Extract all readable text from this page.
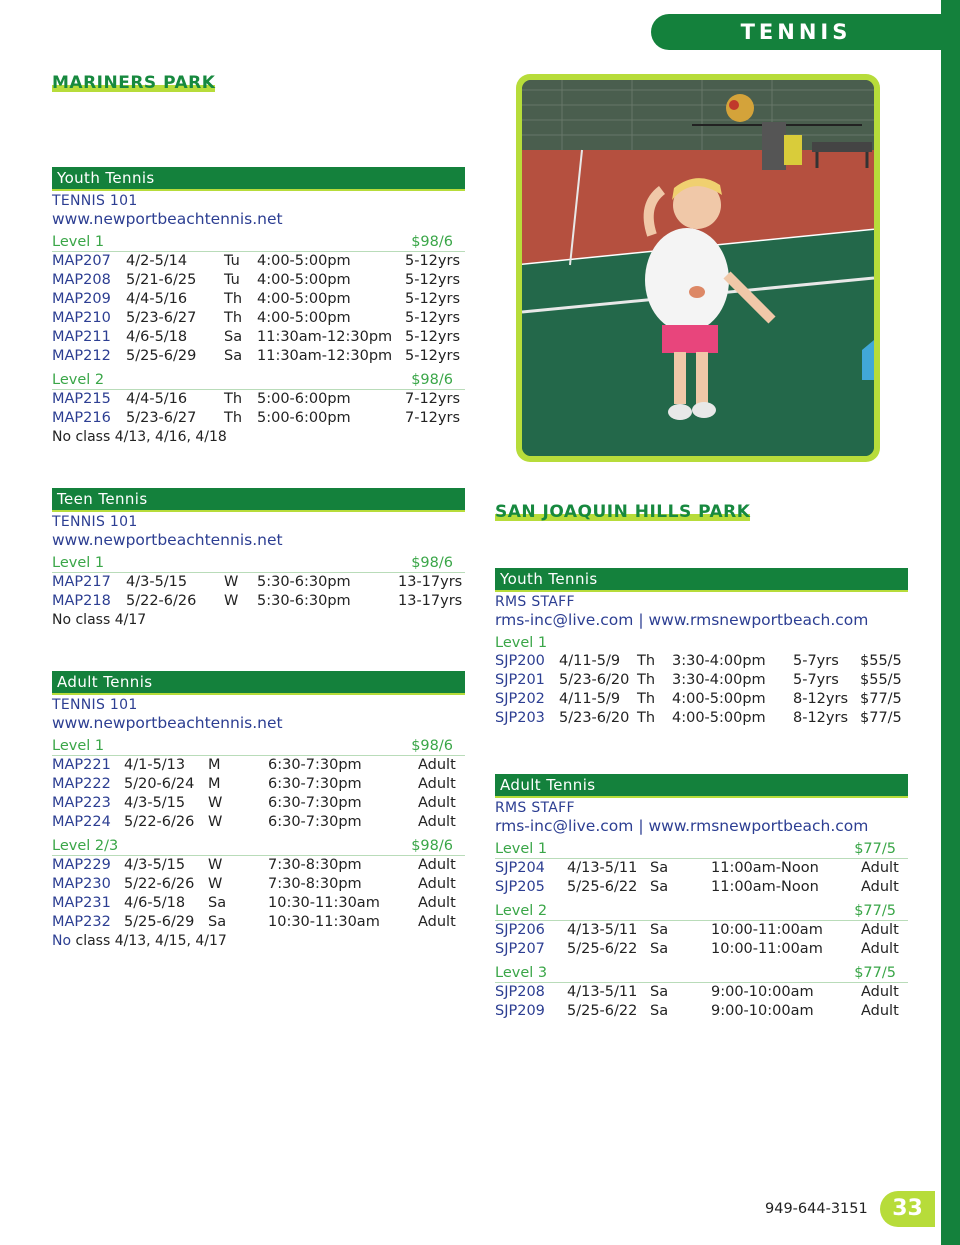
TENNIS
MARINERS PARK
Youth Tennis
TENNIS 101
www.newportbeachtennis.net
Level 1	$98/6
MAP207 4/2-5/14	Tu 4:00-5:00pm	5-12yrs
MAP208 5/21-6/25 Tu 4:00-5:00pm	5-12yrs
MAP209 4/4-5/16	Th 4:00-5:00pm	5-12yrs
MAP210 5/23-6/27 Th 4:00-5:00pm	5-12yrs
MAP211 4/6-5/18	Sa 11:30am-12:30pm 5-12yrs
MAP212 5/25-6/29 Sa 11:30am-12:30pm 5-12yrs
Level 2	$98/6
MAP215 4/4-5/16	Th 5:00-6:00pm	7-12yrs
MAP216 5/23-6/27 Th 5:00-6:00pm	7-12yrs
No class 4/13, 4/16, 4/18
Teen Tennis
TENNIS 101
www.newportbeachtennis.net
Level 1	$98/6
MAP217 4/3-5/15	W 5:30-6:30pm	13-17yrs
MAP218 5/22-6/26 W 5:30-6:30pm	13-17yrs
No class 4/17
Adult Tennis
TENNIS 101
www.newportbeachtennis.net
Level 1	$98/6
MAP221 4/1-5/13 M	6:30-7:30pm	Adult
MAP222 5/20-6/24 M	6:30-7:30pm	Adult
MAP223 4/3-5/15 W	6:30-7:30pm	Adult
MAP224 5/22-6/26 W	6:30-7:30pm	Adult
Level 2/3	$98/6
MAP229 4/3-5/15 W	7:30-8:30pm	Adult
MAP230 5/22-6/26 W	7:30-8:30pm	Adult
MAP231 4/6-5/18 Sa	10:30-11:30am	Adult
MAP232 5/25-6/29 Sa	10:30-11:30am	Adult
No class 4/13, 4/15, 4/17
SAN JOAQUIN HILLS PARK
Youth Tennis
RMS STAFF
rms-inc@live.com | www.rmsnewportbeach.com
Level 1
SJP200 4/11-5/9 Th 3:30-4:00pm 5-7yrs $55/5
SJP201 5/23-6/20 Th 3:30-4:00pm 5-7yrs $55/5
SJP202 4/11-5/9 Th 4:00-5:00pm 8-12yrs $77/5
SJP203 5/23-6/20 Th 4:00-5:00pm 8-12yrs $77/5
Adult Tennis
RMS STAFF
rms-inc@live.com | www.rmsnewportbeach.com
Level 1	$77/5
SJP204 4/13-5/11 Sa	11:00am-Noon	Adult
SJP205 5/25-6/22 Sa	11:00am-Noon	Adult
Level 2	$77/5
SJP206 4/13-5/11 Sa	10:00-11:00am	Adult
SJP207 5/25-6/22 Sa	10:00-11:00am	Adult
Level 3	$77/5
SJP208 4/13-5/11 Sa	9:00-10:00am	Adult
SJP209 5/25-6/22 Sa	9:00-10:00am	Adult
949-644-3151	33
